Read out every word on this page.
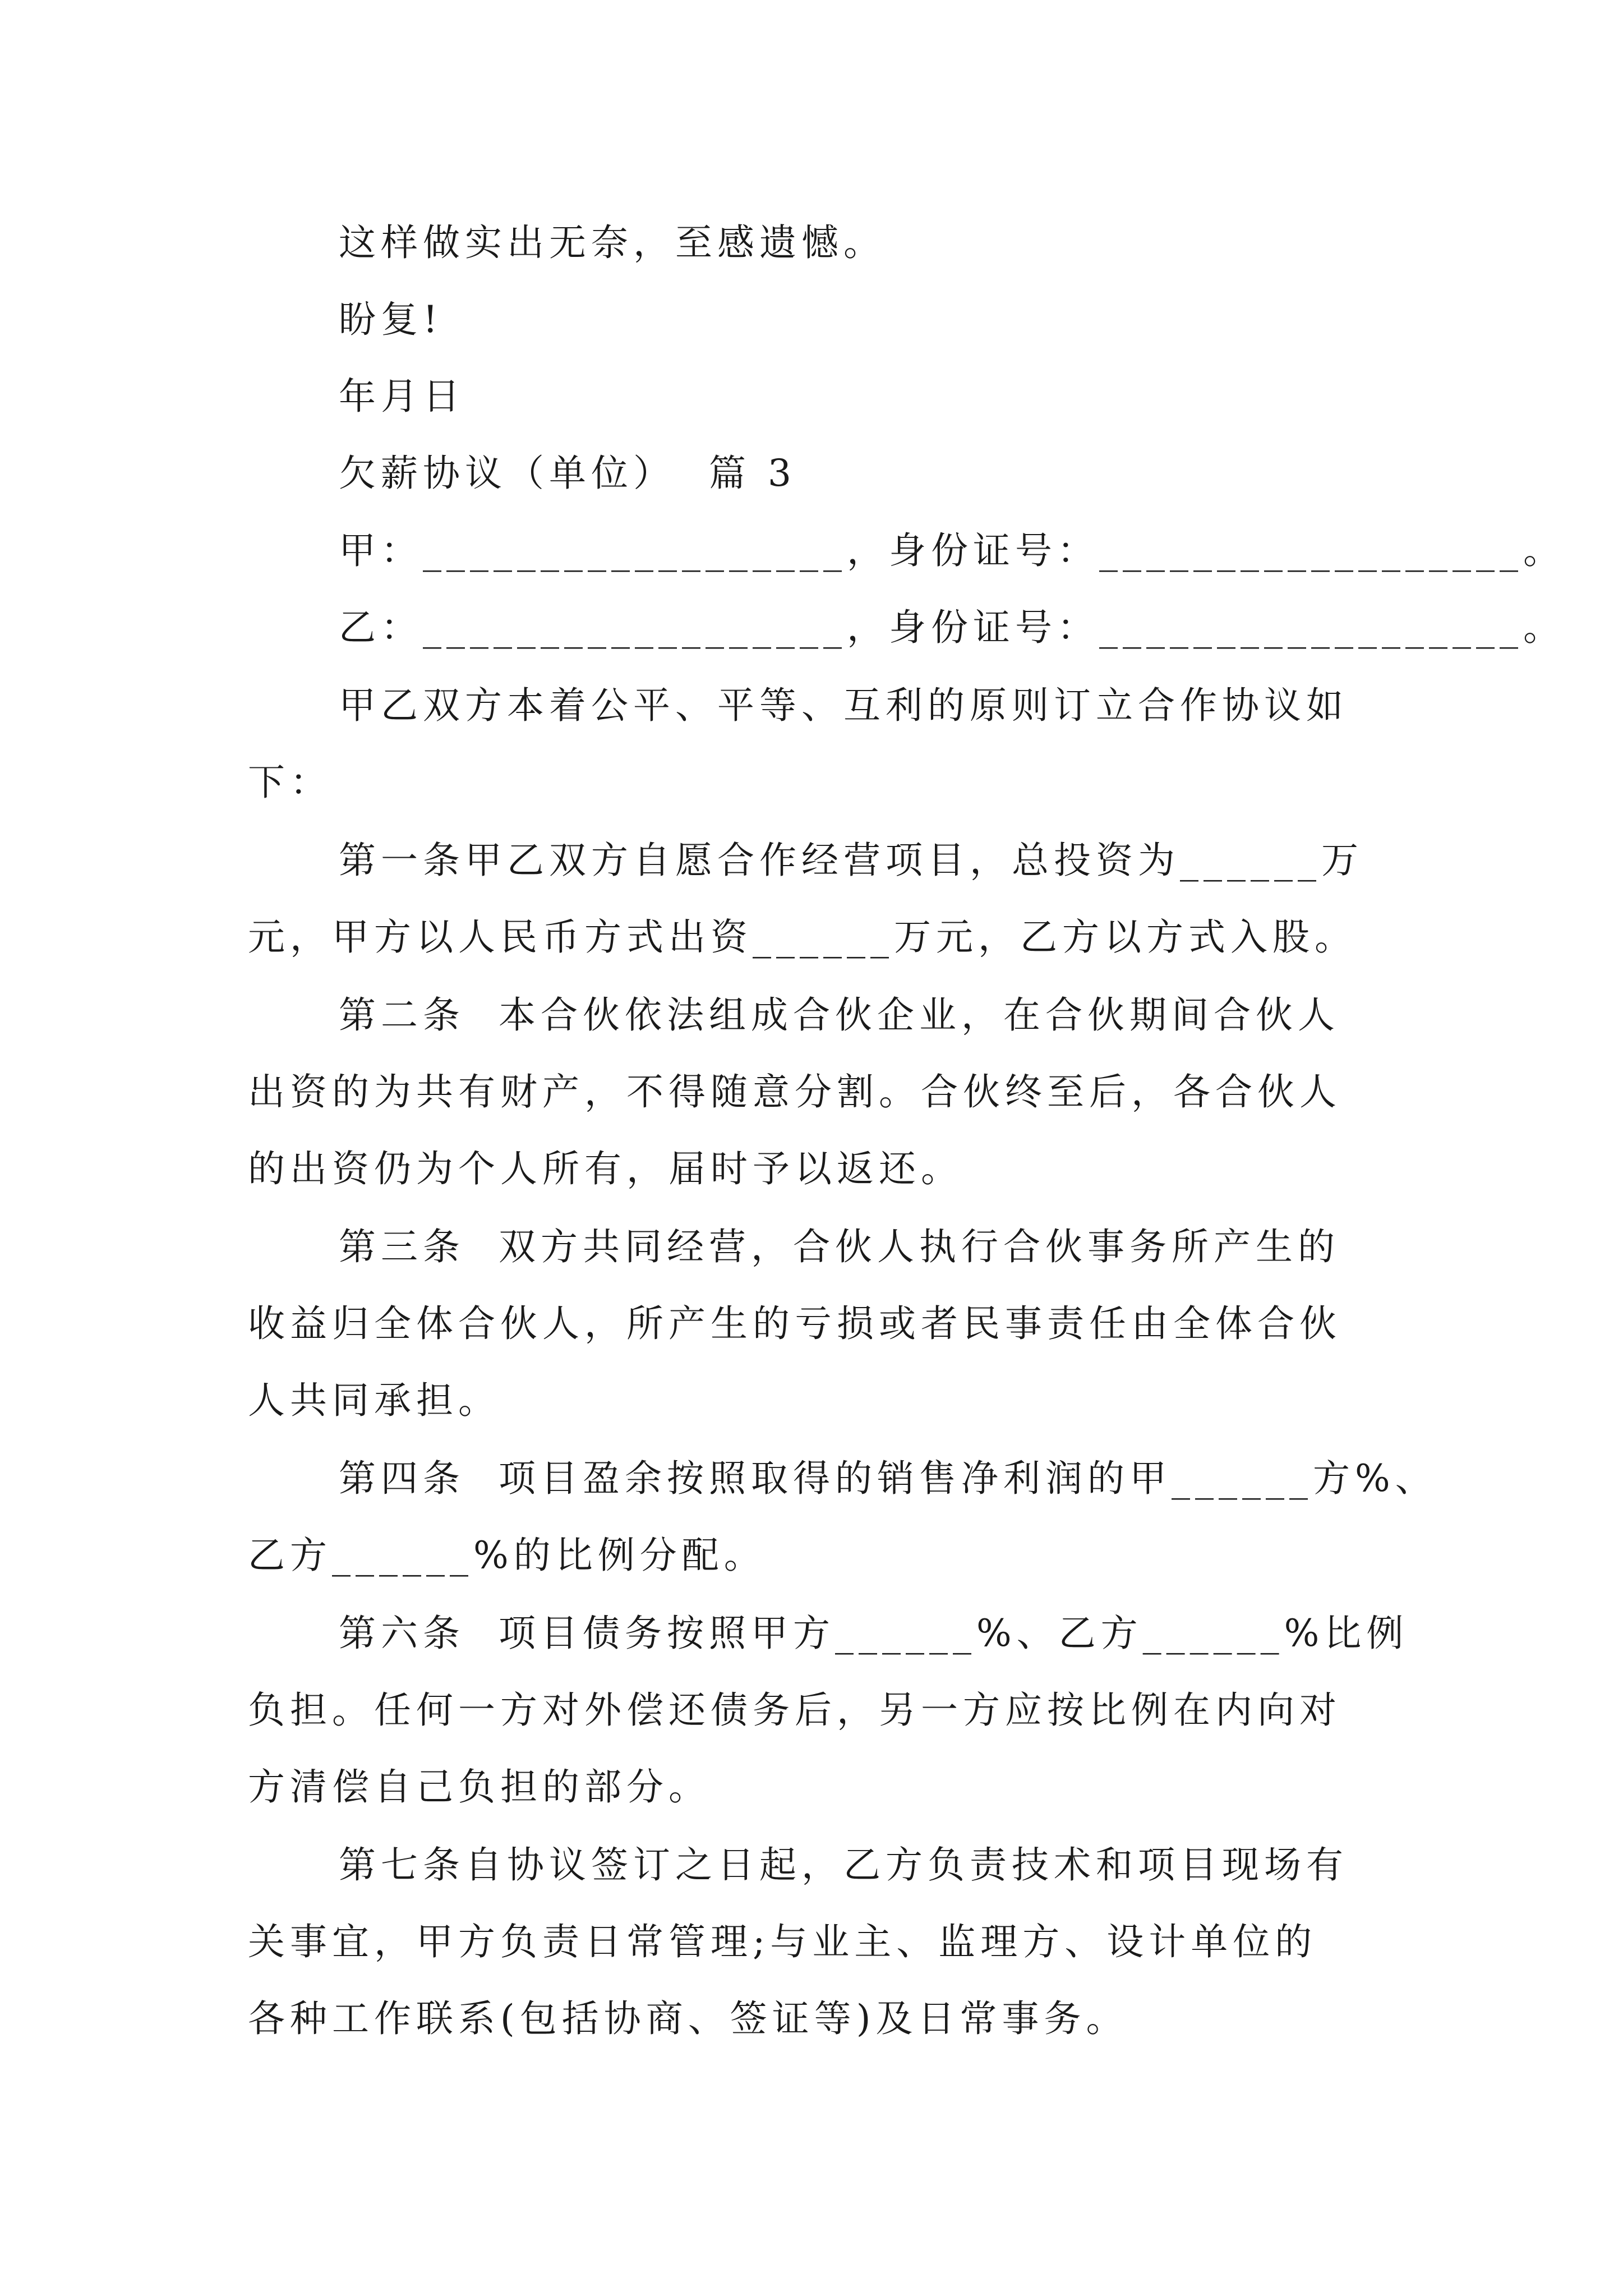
这样做实出无奈，至感遗憾。
盼复!
年月日
欠薪协议（单位）  篇 3
甲：__________________，身份证号：__________________。
乙：__________________，身份证号：__________________。
甲乙双方本着公平、平等、互利的原则订立合作协议如
下：
第一条甲乙双方自愿合作经营项目，总投资为______万
元，甲方以人民币方式出资______万元，乙方以方式入股。
第二条  本合伙依法组成合伙企业，在合伙期间合伙人
出资的为共有财产，不得随意分割。合伙终至后，各合伙人
的出资仍为个人所有，届时予以返还。
第三条  双方共同经营，合伙人执行合伙事务所产生的
收益归全体合伙人，所产生的亏损或者民事责任由全体合伙
人共同承担。
第四条  项目盈余按照取得的销售净利润的甲______方%、
乙方______%的比例分配。
第六条  项目债务按照甲方______%、乙方______%比例
负担。任何一方对外偿还债务后，另一方应按比例在内向对
方清偿自己负担的部分。
第七条自协议签订之日起，乙方负责技术和项目现场有
关事宜，甲方负责日常管理;与业主、监理方、设计单位的
各种工作联系(包括协商、签证等)及日常事务。
